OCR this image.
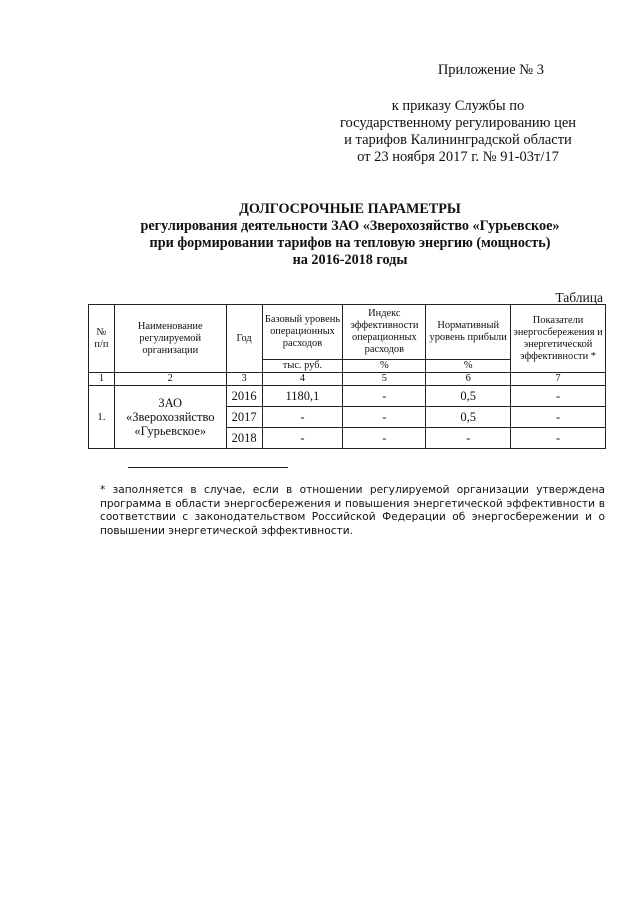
Приложение № 3
к приказу Службы по
государственному регулированию цен
и тарифов Калининградской области
от 23 ноября 2017 г. № 91-03т/17
ДОЛГОСРОЧНЫЕ ПАРАМЕТРЫ
регулирования деятельности ЗАО «Зверохозяйство «Гурьевское»
при формировании тарифов на тепловую энергию (мощность)
на 2016-2018 годы
Таблица
№ п/п	Наименование регулируемой организации	Год	Базовый уровень операционных расходов	Индекс эффективности операционных расходов	Нормативный уровень прибыли	Показатели энергосбережения и энергетической эффективности *
			тыс. руб.	%	%	
1	2	3	4	5	6	7
1.	ЗАО «Зверохозяйство «Гурьевское»	2016	1180,1	-	0,5	-
		2017	-	-	0,5	-
		2018	-	-	-	-
* заполняется в случае, если в отношении регулируемой организации утверждена программа в области энергосбережения и повышения энергетической эффективности в соответствии с законодательством Российской Федерации об энергосбережении и о повышении энергетической эффективности.
